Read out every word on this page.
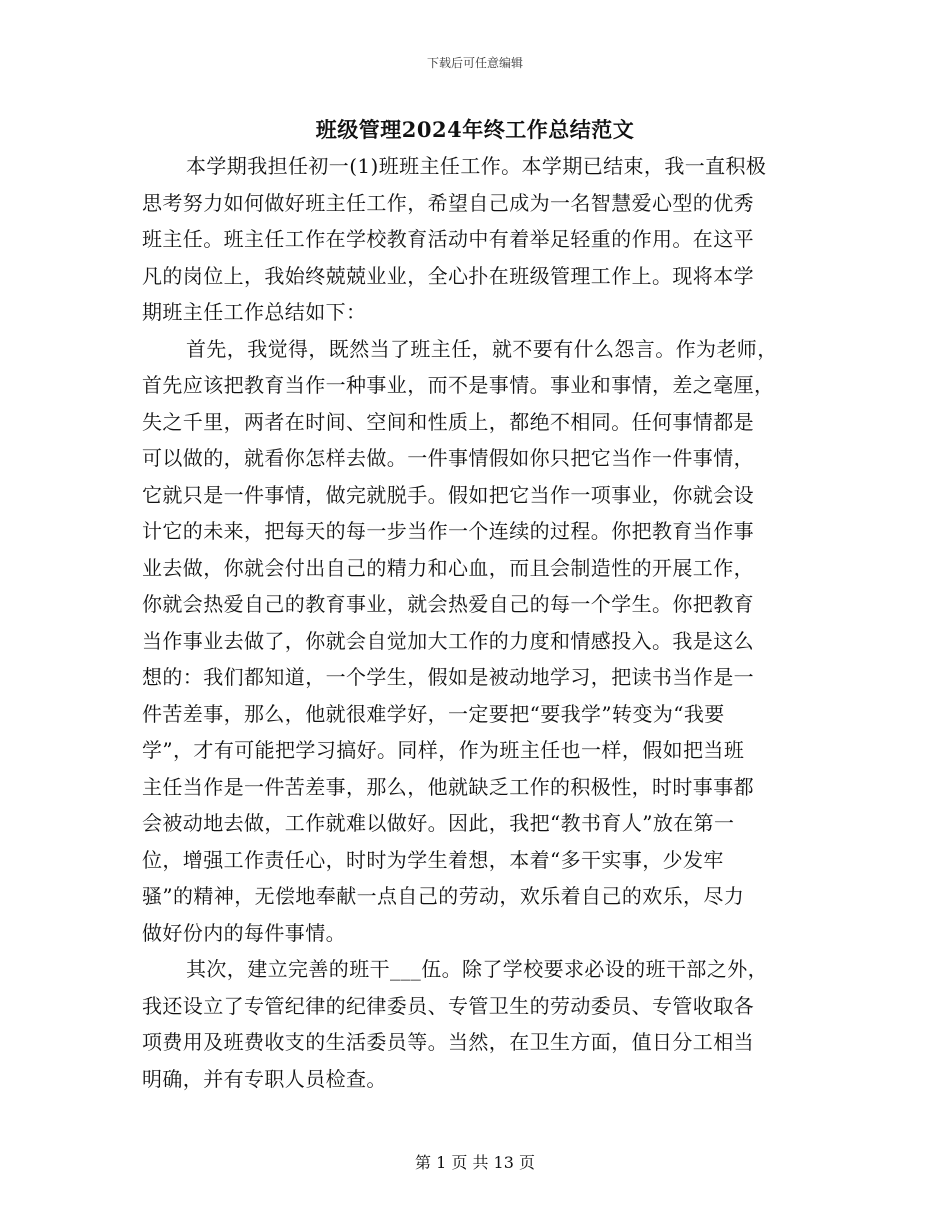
下载后可任意编辑
班级管理2024年终工作总结范文
本学期我担任初一(1)班班主任工作。本学期已结束，我一直积极
思考努力如何做好班主任工作，希望自己成为一名智慧爱心型的优秀
班主任。班主任工作在学校教育活动中有着举足轻重的作用。在这平
凡的岗位上，我始终兢兢业业，全心扑在班级管理工作上。现将本学
期班主任工作总结如下：
首先，我觉得，既然当了班主任，就不要有什么怨言。作为老师，
首先应该把教育当作一种事业，而不是事情。事业和事情，差之毫厘，
失之千里，两者在时间、空间和性质上，都绝不相同。任何事情都是
可以做的，就看你怎样去做。一件事情假如你只把它当作一件事情，
它就只是一件事情，做完就脱手。假如把它当作一项事业，你就会设
计它的未来，把每天的每一步当作一个连续的过程。你把教育当作事
业去做，你就会付出自己的精力和心血，而且会制造性的开展工作，
你就会热爱自己的教育事业，就会热爱自己的每一个学生。你把教育
当作事业去做了，你就会自觉加大工作的力度和情感投入。我是这么
想的：我们都知道，一个学生，假如是被动地学习，把读书当作是一
件苦差事，那么，他就很难学好，一定要把“要我学”转变为“我要
学”，才有可能把学习搞好。同样，作为班主任也一样，假如把当班
主任当作是一件苦差事，那么，他就缺乏工作的积极性，时时事事都
会被动地去做，工作就难以做好。因此，我把“教书育人”放在第一
位，增强工作责任心，时时为学生着想，本着“多干实事，少发牢
骚”的精神，无偿地奉献一点自己的劳动，欢乐着自己的欢乐，尽力
做好份内的每件事情。
其次，建立完善的班干___伍。除了学校要求必设的班干部之外，
我还设立了专管纪律的纪律委员、专管卫生的劳动委员、专管收取各
项费用及班费收支的生活委员等。当然，在卫生方面，值日分工相当
明确，并有专职人员检查。
第 1 页 共 13 页
